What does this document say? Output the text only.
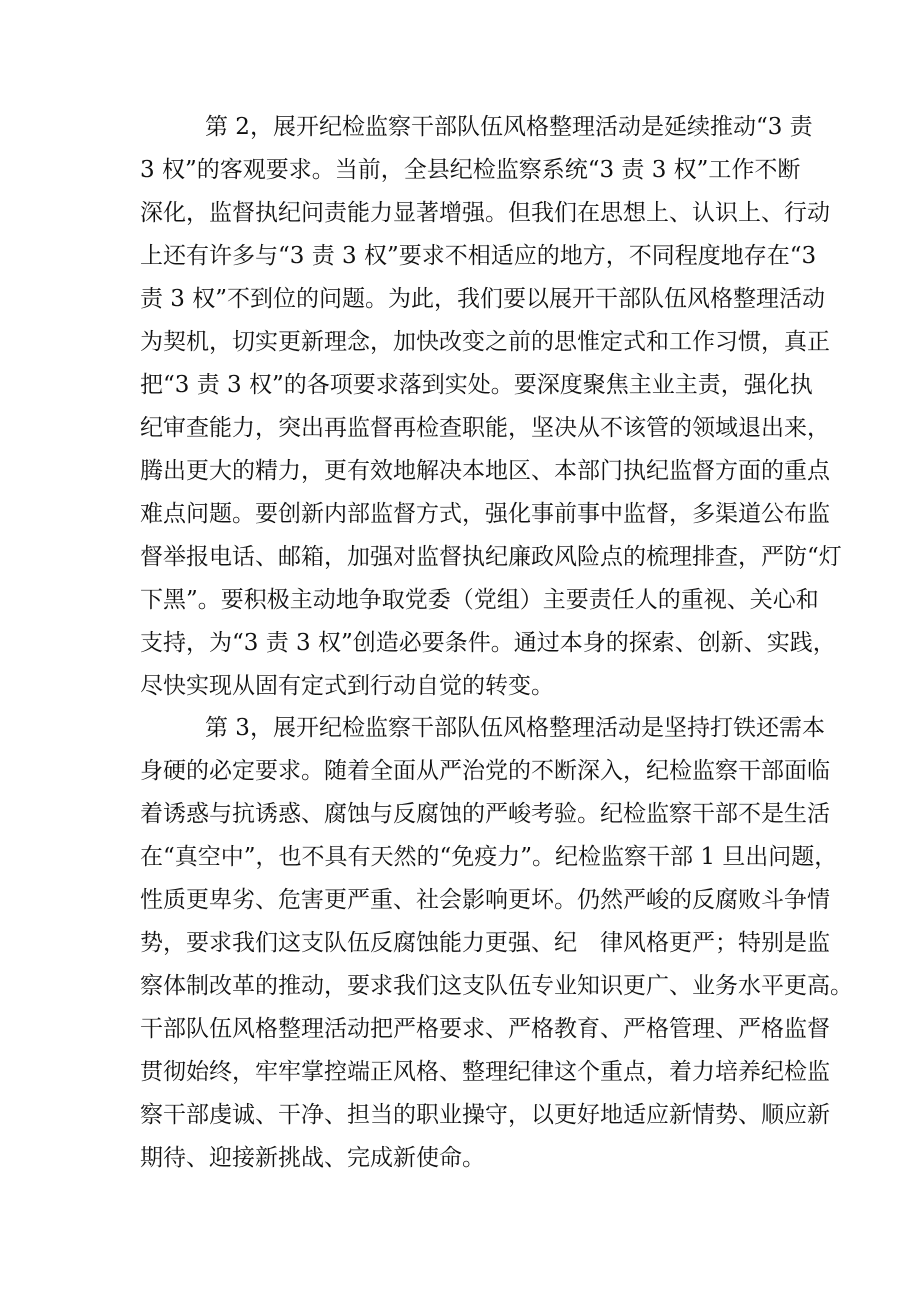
第 2，展开纪检监察干部队伍风格整理活动是延续推动“3 责
3 权”的客观要求。当前，全县纪检监察系统“3 责 3 权”工作不断
深化，监督执纪问责能力显著增强。但我们在思想上、认识上、行动
上还有许多与“3 责 3 权”要求不相适应的地方，不同程度地存在“3
责 3 权”不到位的问题。为此，我们要以展开干部队伍风格整理活动
为契机，切实更新理念，加快改变之前的思惟定式和工作习惯，真正
把“3 责 3 权”的各项要求落到实处。要深度聚焦主业主责，强化执
纪审查能力，突出再监督再检查职能，坚决从不该管的领域退出来，
腾出更大的精力，更有效地解决本地区、本部门执纪监督方面的重点
难点问题。要创新内部监督方式，强化事前事中监督，多渠道公布监
督举报电话、邮箱，加强对监督执纪廉政风险点的梳理排查，严防“灯
下黑”。要积极主动地争取党委（党组）主要责任人的重视、关心和
支持，为“3 责 3 权”创造必要条件。通过本身的探索、创新、实践，
尽快实现从固有定式到行动自觉的转变。
第 3，展开纪检监察干部队伍风格整理活动是坚持打铁还需本
身硬的必定要求。随着全面从严治党的不断深入，纪检监察干部面临
着诱惑与抗诱惑、腐蚀与反腐蚀的严峻考验。纪检监察干部不是生活
在“真空中”，也不具有天然的“免疫力”。纪检监察干部 1 旦出问题，
性质更卑劣、危害更严重、社会影响更坏。仍然严峻的反腐败斗争情
势，要求我们这支队伍反腐蚀能力更强、纪　律风格更严；特别是监
察体制改革的推动，要求我们这支队伍专业知识更广、业务水平更高。
干部队伍风格整理活动把严格要求、严格教育、严格管理、严格监督
贯彻始终，牢牢掌控端正风格、整理纪律这个重点，着力培养纪检监
察干部虔诚、干净、担当的职业操守，以更好地适应新情势、顺应新
期待、迎接新挑战、完成新使命。
